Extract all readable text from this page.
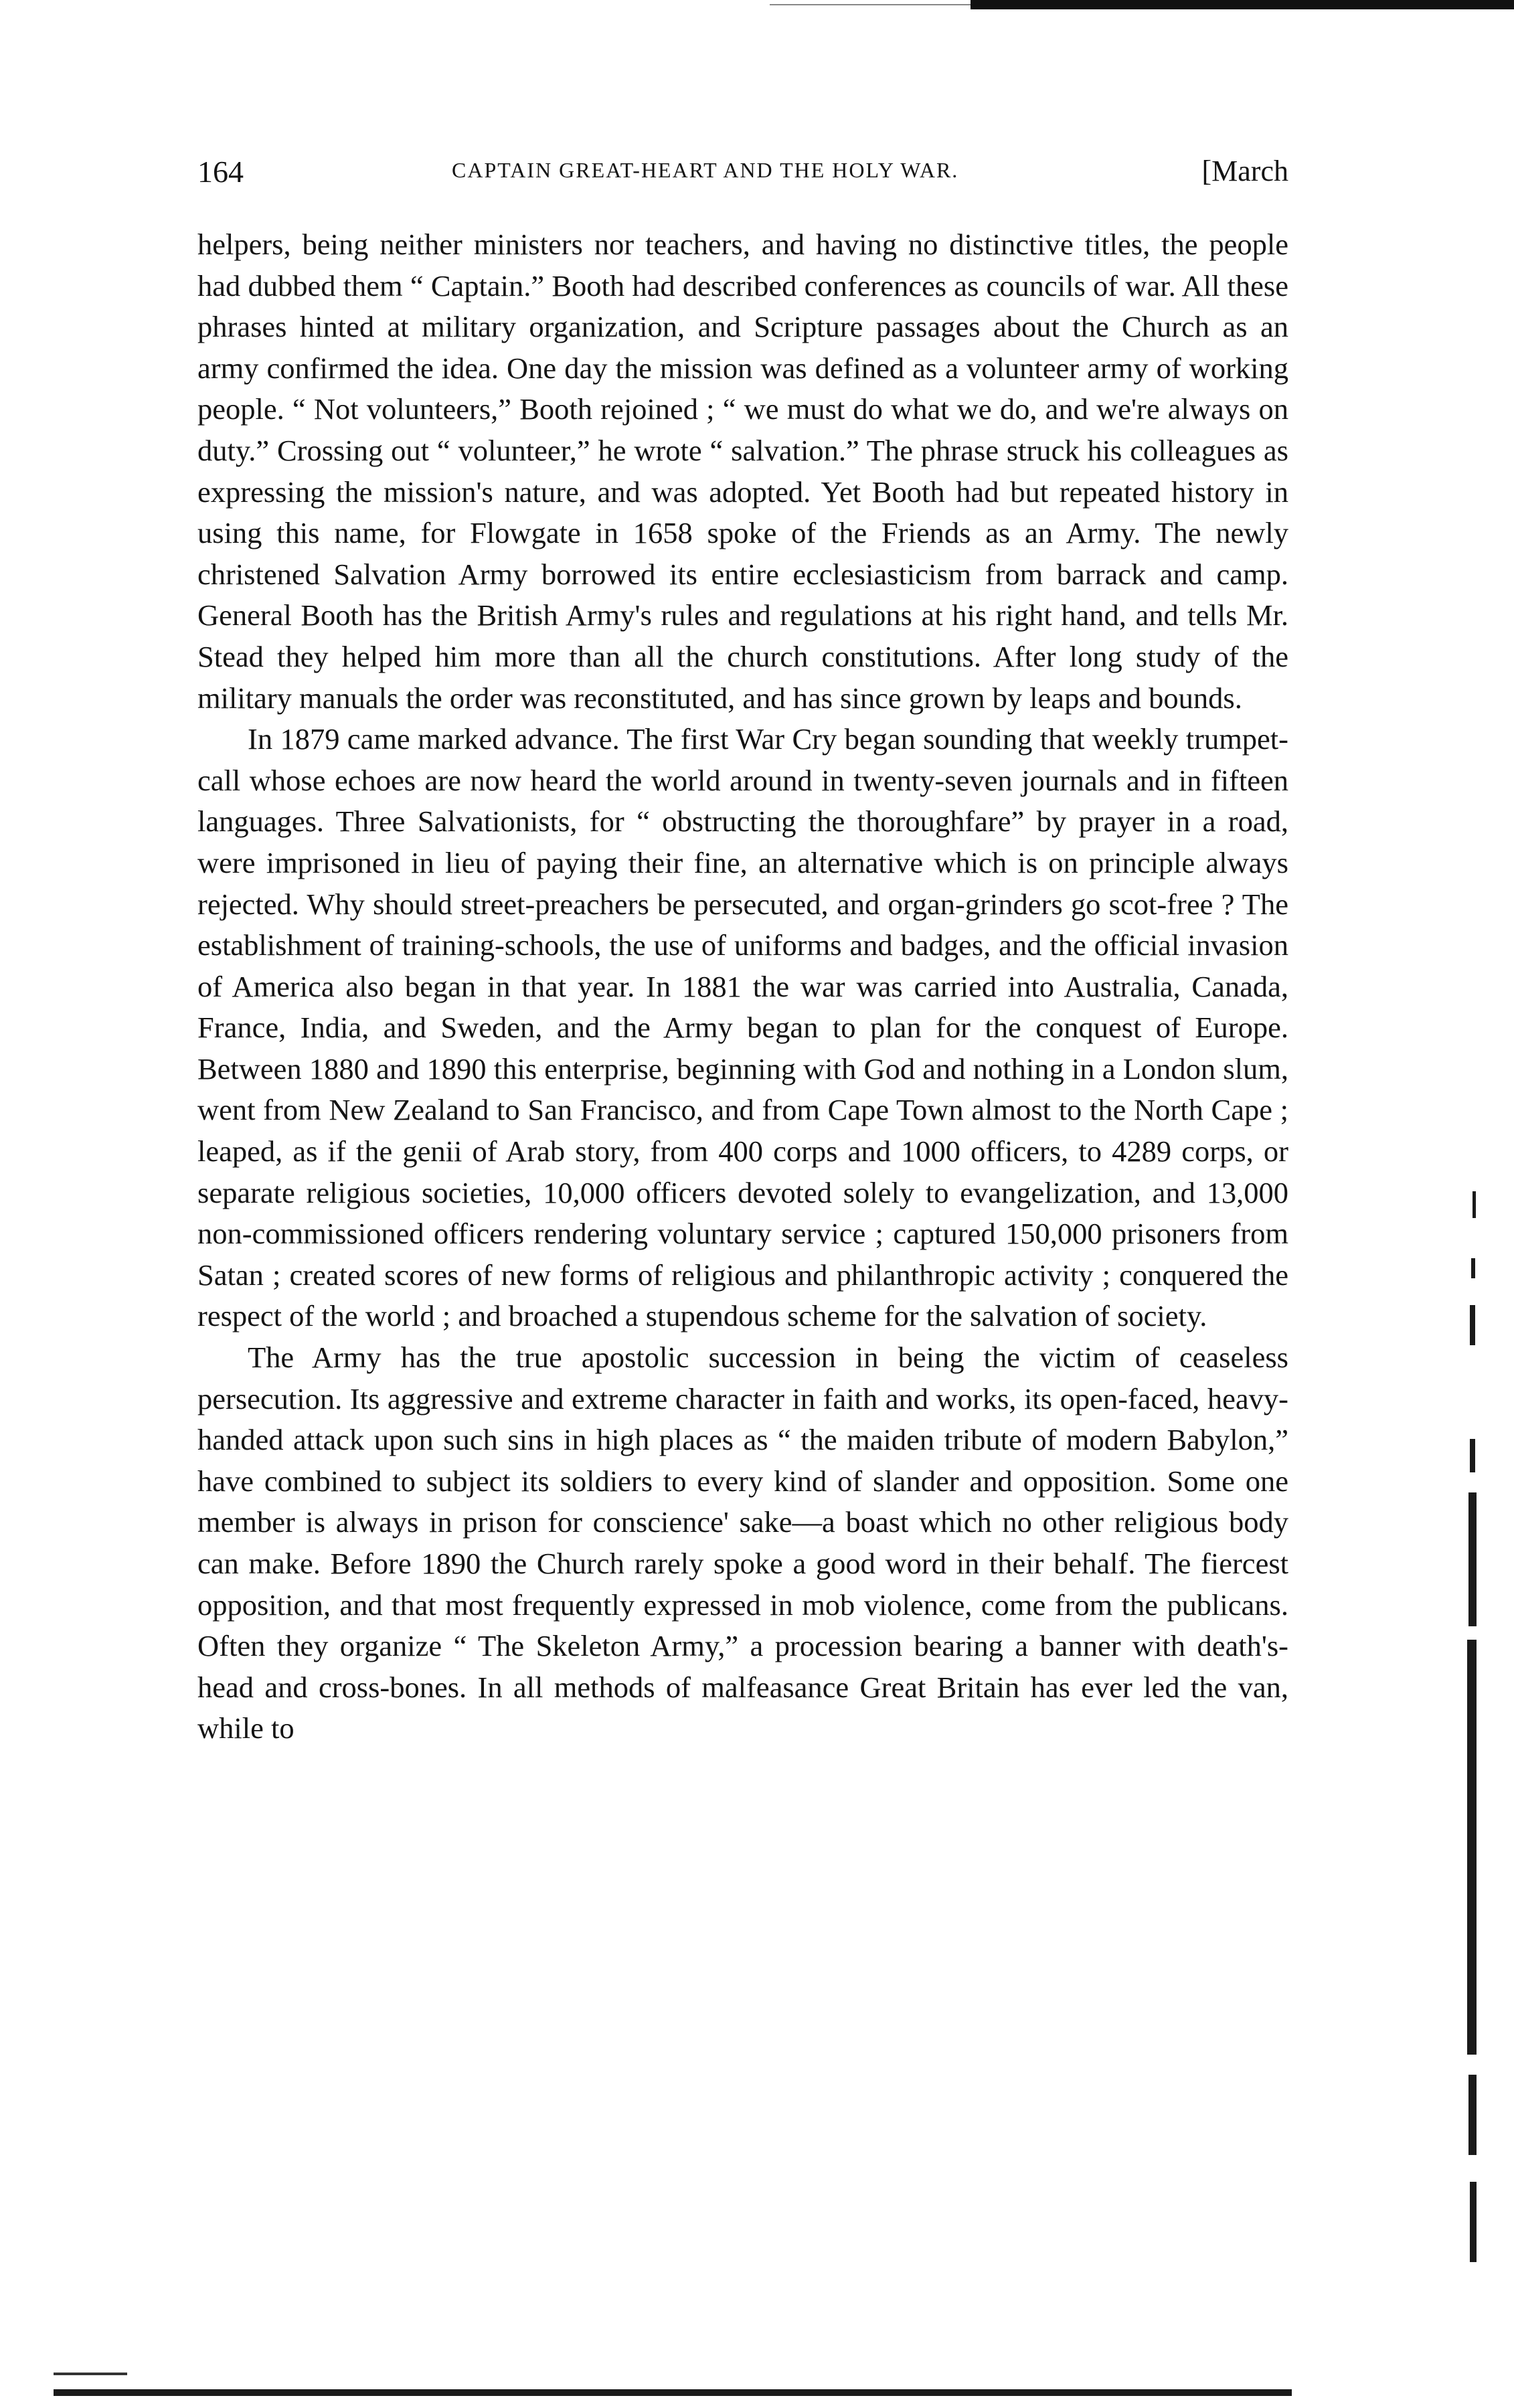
164	CAPTAIN GREAT-HEART AND THE HOLY WAR.	[March

helpers, being neither ministers nor teachers, and having no distinctive titles, the people had dubbed them “ Captain.” Booth had described conferences as councils of war. All these phrases hinted at military organization, and Scripture passages about the Church as an army confirmed the idea. One day the mission was defined as a volunteer army of working people. “ Not volunteers,” Booth rejoined ; “ we must do what we do, and we're always on duty.” Crossing out “ volunteer,” he wrote “ salvation.” The phrase struck his colleagues as expressing the mission's nature, and was adopted. Yet Booth had but repeated history in using this name, for Flowgate in 1658 spoke of the Friends as an Army. The newly christened Salvation Army borrowed its entire ecclesiasticism from barrack and camp. General Booth has the British Army's rules and regulations at his right hand, and tells Mr. Stead they helped him more than all the church constitutions. After long study of the military manuals the order was reconstituted, and has since grown by leaps and bounds.

In 1879 came marked advance. The first War Cry began sounding that weekly trumpet-call whose echoes are now heard the world around in twenty-seven journals and in fifteen languages. Three Salvationists, for “ obstructing the thoroughfare” by prayer in a road, were imprisoned in lieu of paying their fine, an alternative which is on principle always rejected. Why should street-preachers be persecuted, and organ-grinders go scot-free ? The establishment of training-schools, the use of uniforms and badges, and the official invasion of America also began in that year. In 1881 the war was carried into Australia, Canada, France, India, and Sweden, and the Army began to plan for the conquest of Europe. Between 1880 and 1890 this enterprise, beginning with God and nothing in a London slum, went from New Zealand to San Francisco, and from Cape Town almost to the North Cape ; leaped, as if the genii of Arab story, from 400 corps and 1000 officers, to 4289 corps, or separate religious societies, 10,000 officers devoted solely to evangelization, and 13,000 non-commissioned officers rendering voluntary service ; captured 150,000 prisoners from Satan ; created scores of new forms of religious and philanthropic activity ; conquered the respect of the world ; and broached a stupendous scheme for the salvation of society.

The Army has the true apostolic succession in being the victim of ceaseless persecution. Its aggressive and extreme character in faith and works, its open-faced, heavy-handed attack upon such sins in high places as “ the maiden tribute of modern Babylon,” have combined to subject its soldiers to every kind of slander and opposition. Some one member is always in prison for conscience' sake—a boast which no other religious body can make. Before 1890 the Church rarely spoke a good word in their behalf. The fiercest opposition, and that most frequently expressed in mob violence, come from the publicans. Often they organize “ The Skeleton Army,” a procession bearing a banner with death's-head and cross-bones. In all methods of malfeasance Great Britain has ever led the van, while to
